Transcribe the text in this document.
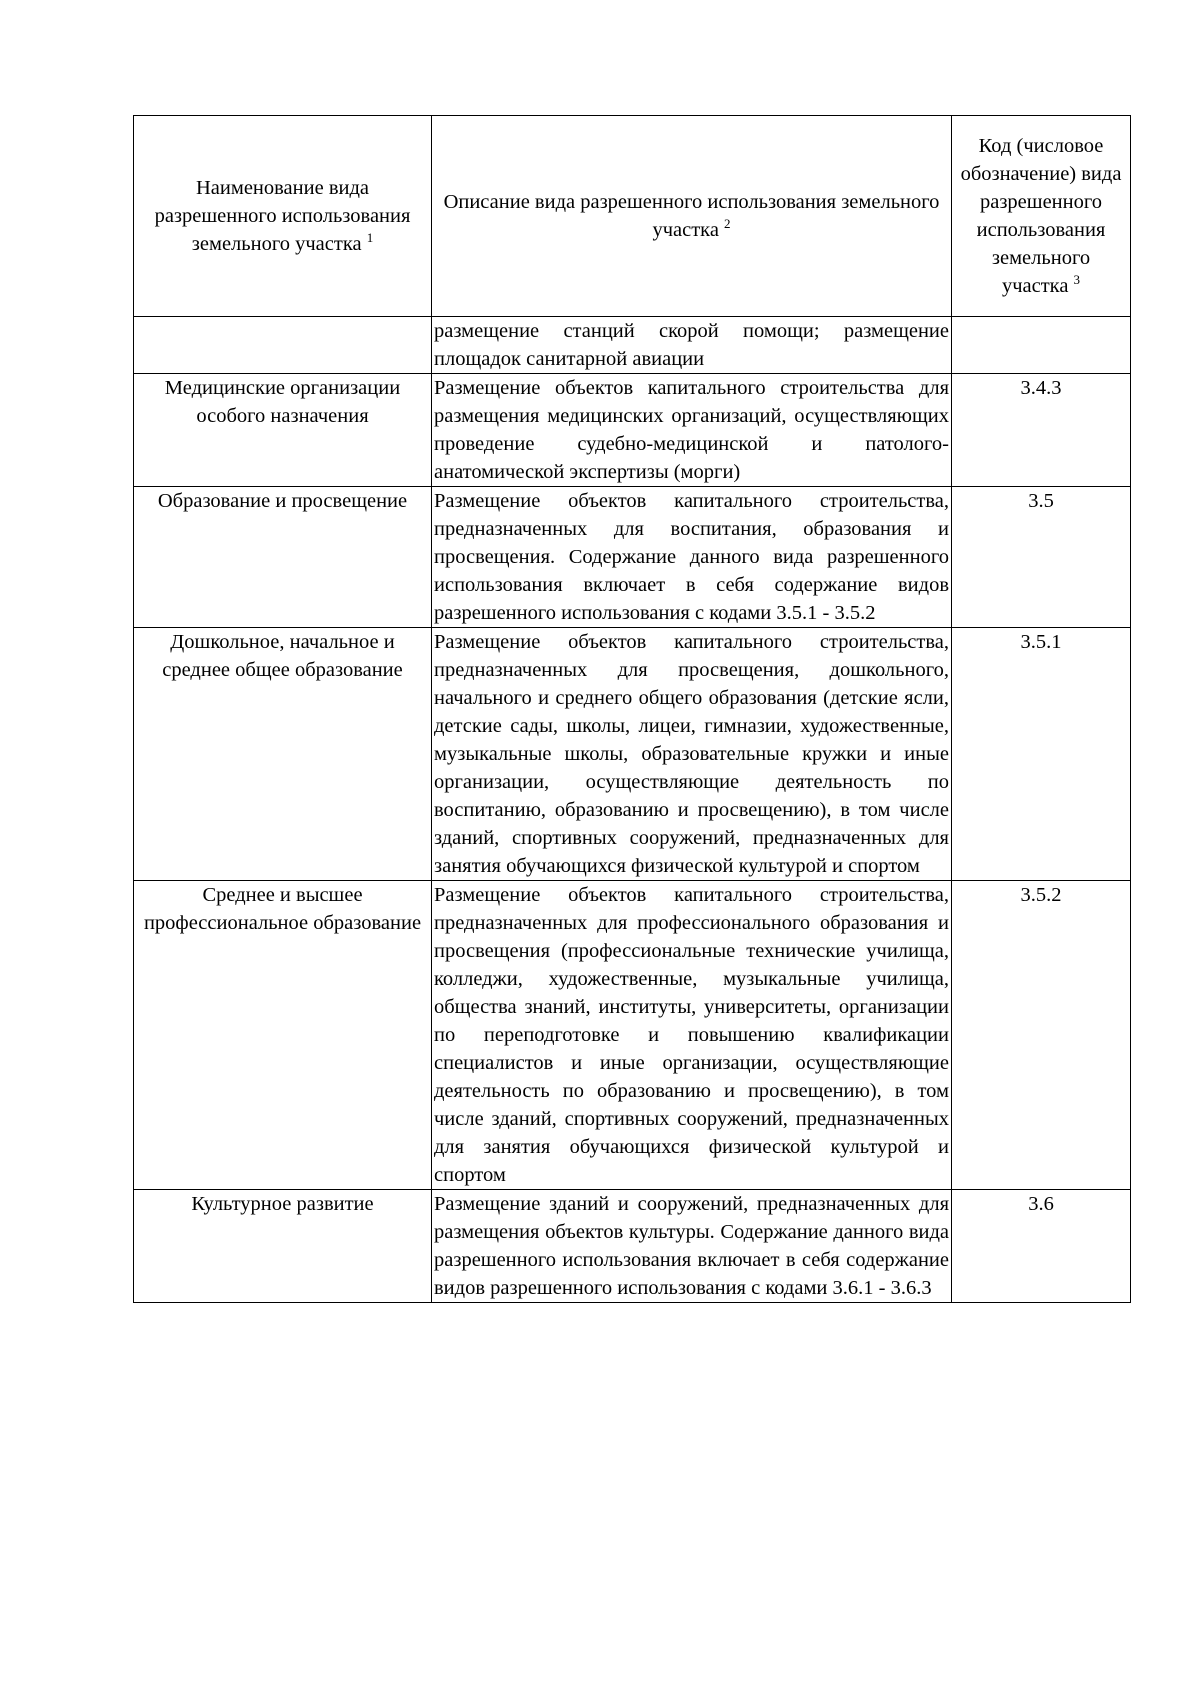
Наименование вида разрешенного использования земельного участка $^1$	Описание вида разрешенного использования земельного участка $^2$	Код (числовое обозначение) вида разрешенного использования земельного участка $^3$
	размещение станций скорой помощи; размещение площадок санитарной авиации	
Медицинские организации особого назначения	Размещение объектов капитального строительства для размещения медицинских организаций, осуществляющих проведение судебно-медицинской и патолого-анатомической экспертизы (морги)	3.4.3
Образование и просвещение	Размещение объектов капитального строительства, предназначенных для воспитания, образования и просвещения. Содержание данного вида разрешенного использования включает в себя содержание видов разрешенного использования с кодами 3.5.1 - 3.5.2	3.5
Дошкольное, начальное и среднее общее образование	Размещение объектов капитального строительства, предназначенных для просвещения, дошкольного, начального и среднего общего образования (детские ясли, детские сады, школы, лицеи, гимназии, художественные, музыкальные школы, образовательные кружки и иные организации, осуществляющие деятельность по воспитанию, образованию и просвещению), в том числе зданий, спортивных сооружений, предназначенных для занятия обучающихся физической культурой и спортом	3.5.1
Среднее и высшее профессиональное образование	Размещение объектов капитального строительства, предназначенных для профессионального образования и просвещения (профессиональные технические училища, колледжи, художественные, музыкальные училища, общества знаний, институты, университеты, организации по переподготовке и повышению квалификации специалистов и иные организации, осуществляющие деятельность по образованию и просвещению), в том числе зданий, спортивных сооружений, предназначенных для занятия обучающихся физической культурой и спортом	3.5.2
Культурное развитие	Размещение зданий и сооружений, предназначенных для размещения объектов культуры. Содержание данного вида разрешенного использования включает в себя содержание видов разрешенного использования с кодами 3.6.1 - 3.6.3	3.6
